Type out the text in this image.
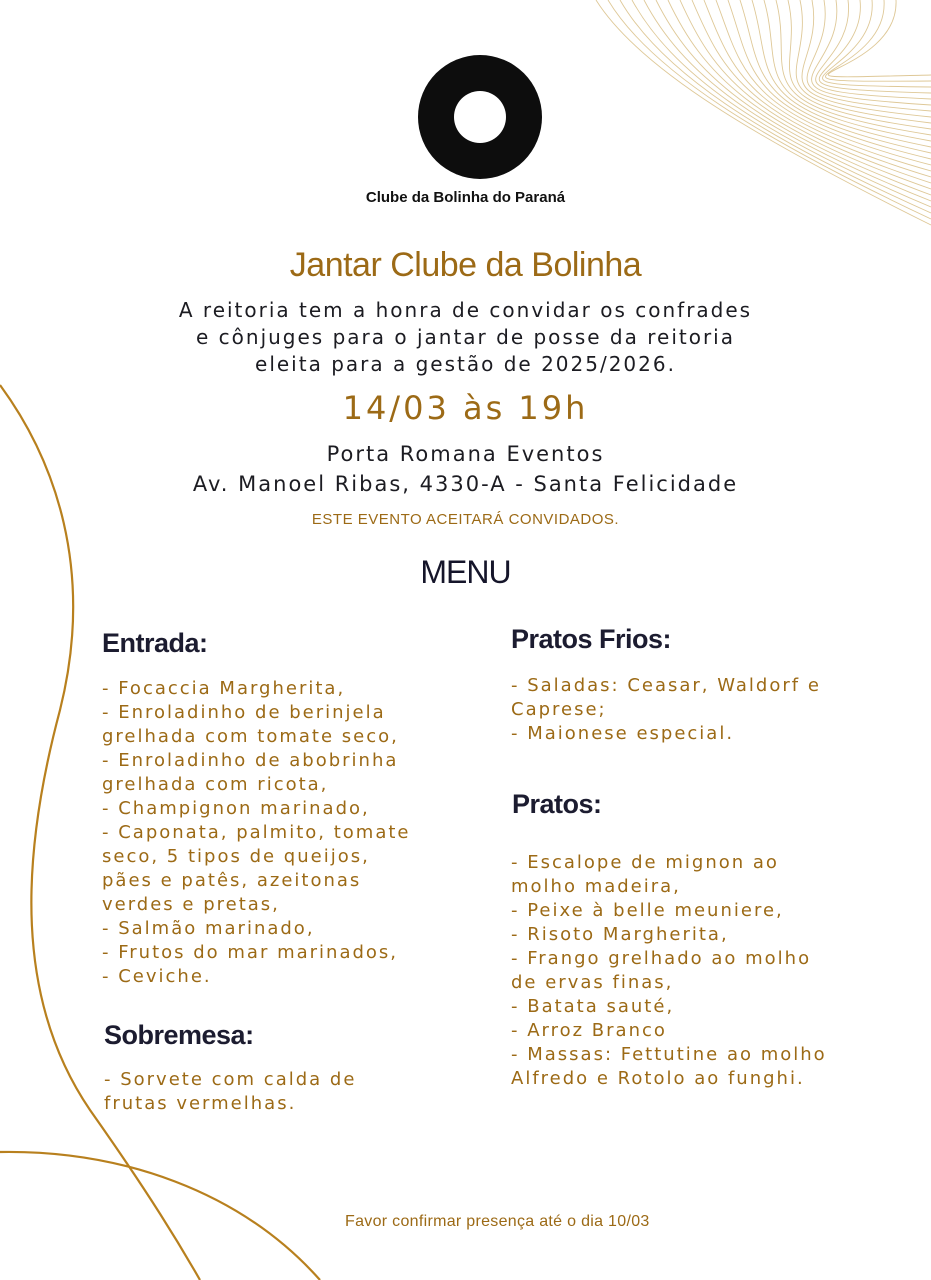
Clube da Bolinha do Paraná
Jantar Clube da Bolinha
A reitoria tem a honra de convidar os confrades
e cônjuges para o jantar de posse da reitoria
eleita para a gestão de 2025/2026.
14/03 às 19h
Porta Romana Eventos
Av. Manoel Ribas, 4330-A - Santa Felicidade
ESTE EVENTO ACEITARÁ CONVIDADOS.
MENU
Entrada:
- Focaccia Margherita,
- Enroladinho de berinjela
grelhada com tomate seco,
- Enroladinho de abobrinha
grelhada com ricota,
- Champignon marinado,
- Caponata, palmito, tomate
seco, 5 tipos de queijos,
pães e patês, azeitonas
verdes e pretas,
- Salmão marinado,
- Frutos do mar marinados,
- Ceviche.
Sobremesa:
- Sorvete com calda de
frutas vermelhas.
Pratos Frios:
- Saladas: Ceasar, Waldorf e
Caprese;
- Maionese especial.
Pratos:
- Escalope de mignon ao
molho madeira,
- Peixe à belle meuniere,
- Risoto Margherita,
- Frango grelhado ao molho
de ervas finas,
- Batata sauté,
- Arroz Branco
- Massas: Fettutine ao molho
Alfredo e Rotolo ao funghi.
Favor confirmar presença até o dia 10/03
